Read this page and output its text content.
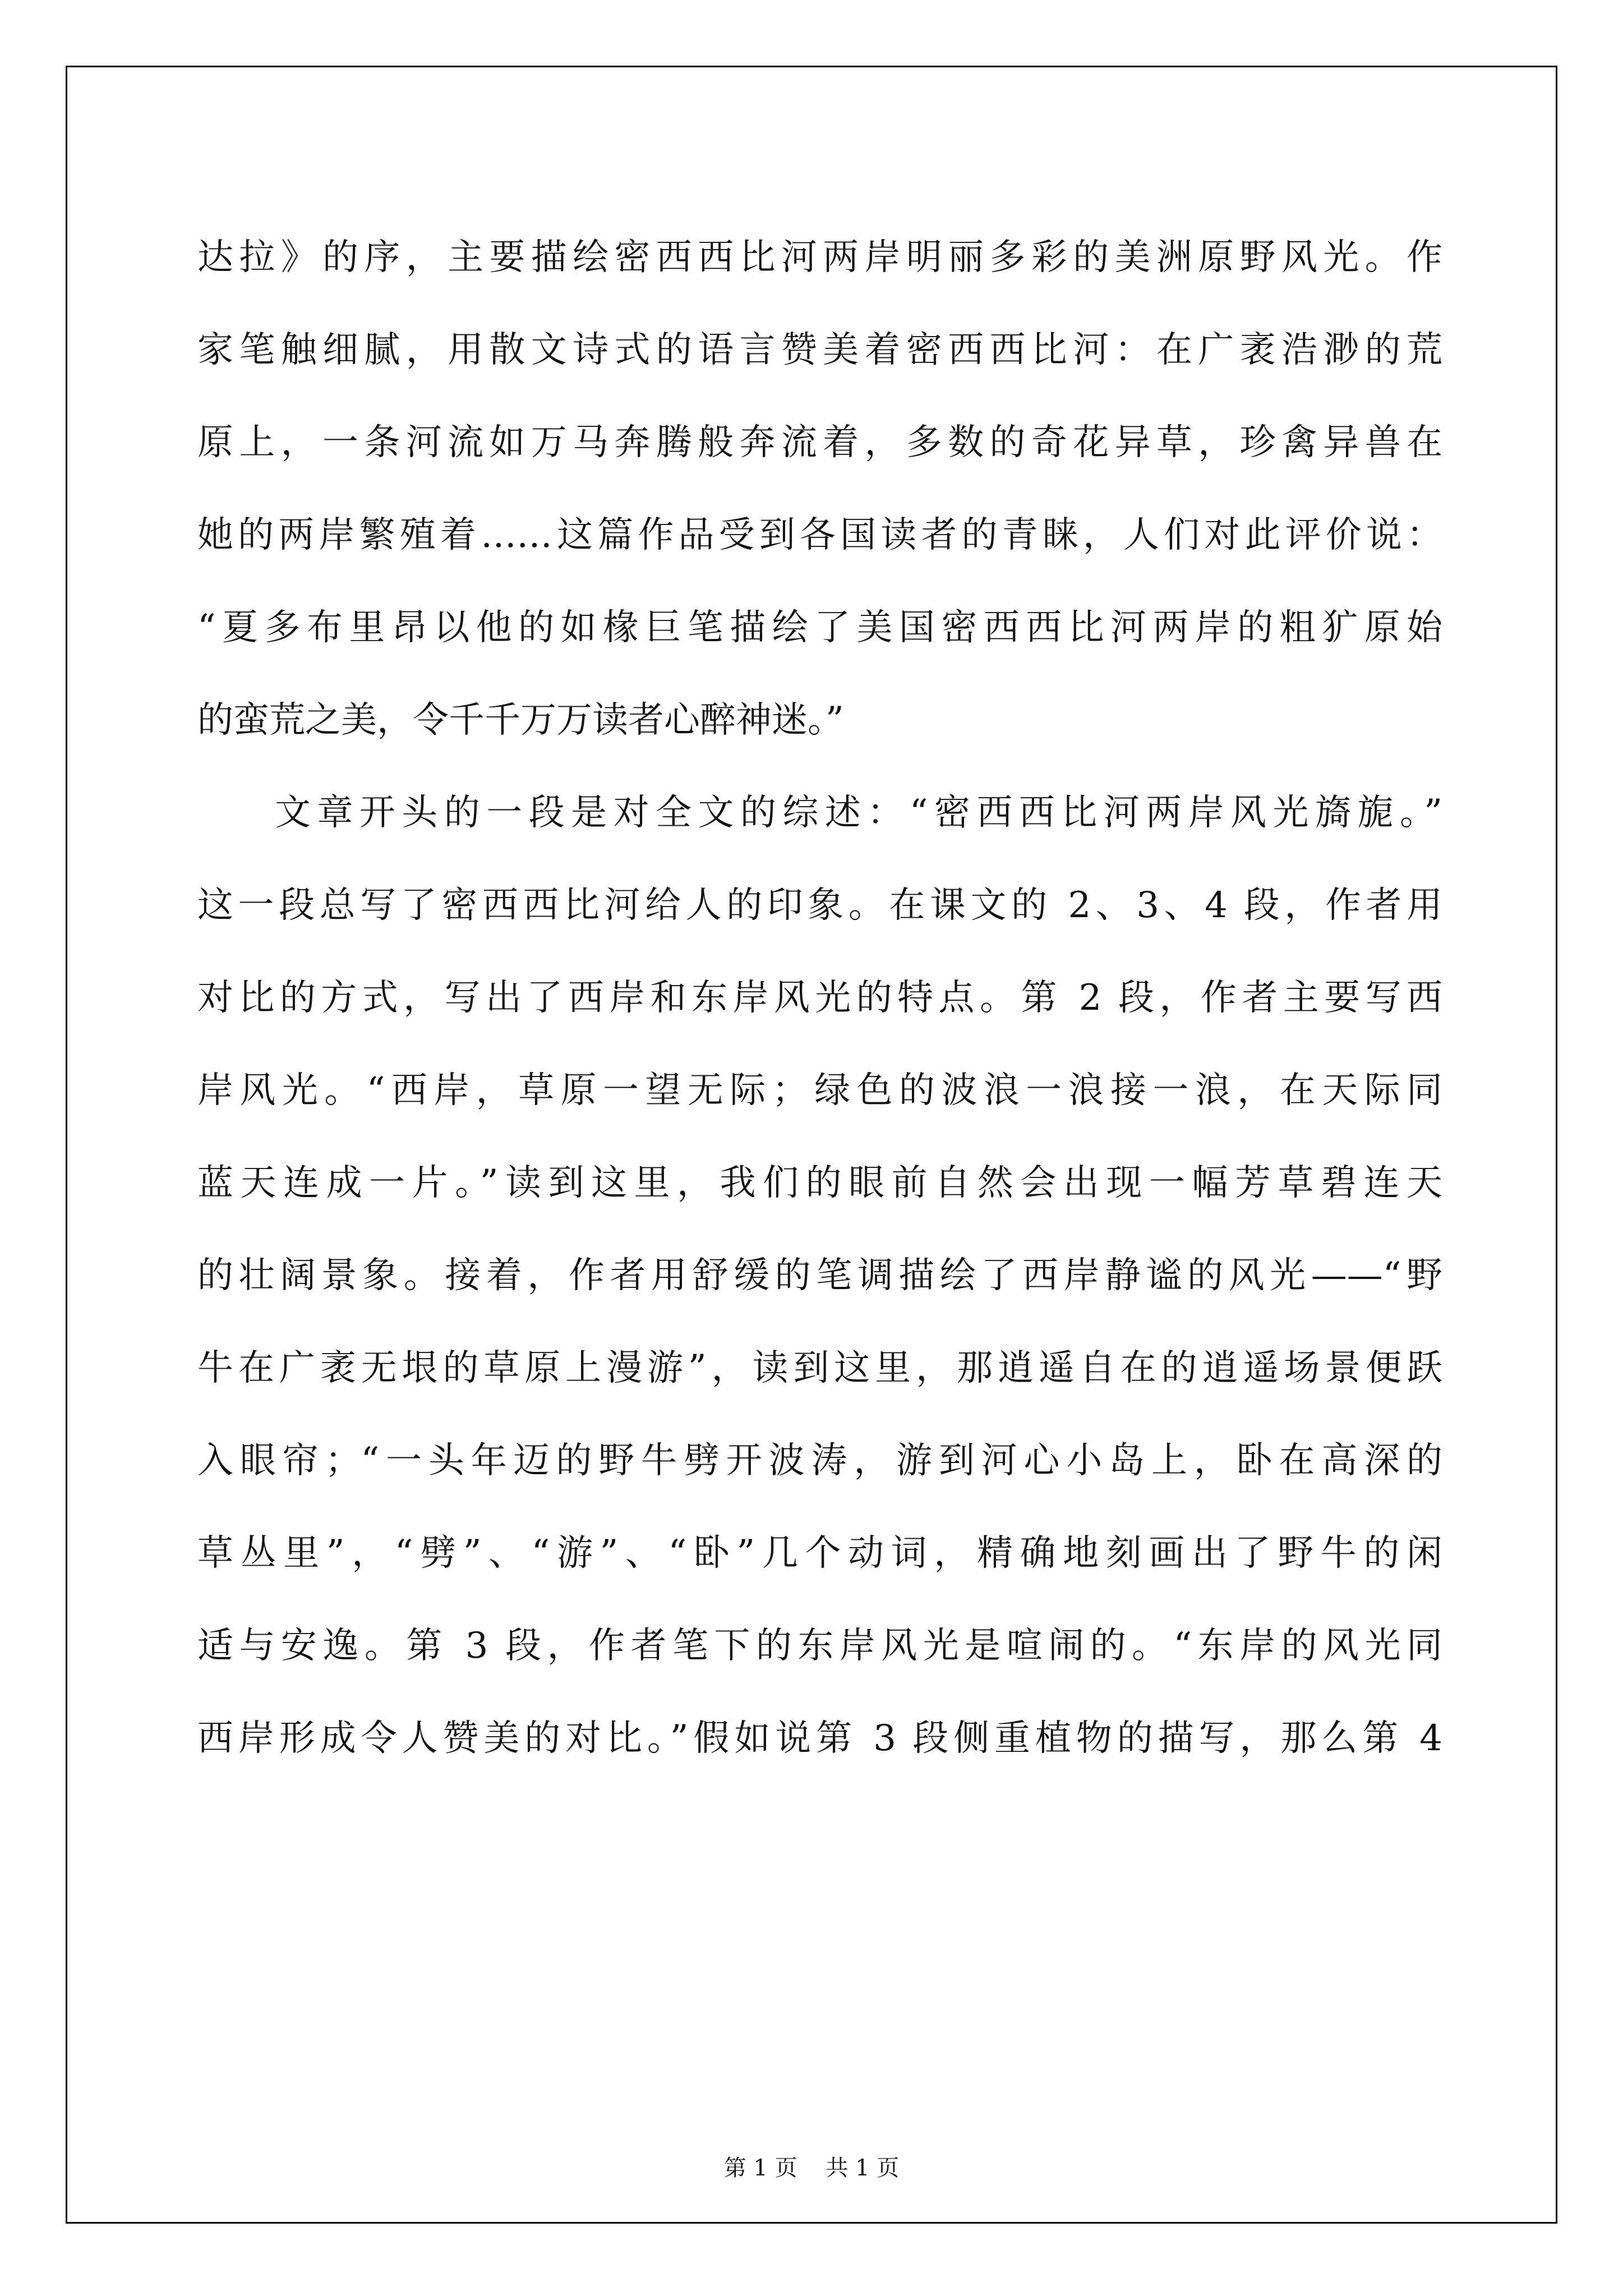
达拉》的序，主要描绘密西西比河两岸明丽多彩的美洲原野风光。作
家笔触细腻，用散文诗式的语言赞美着密西西比河：在广袤浩渺的荒
原上，一条河流如万马奔腾般奔流着，多数的奇花异草，珍禽异兽在
她的两岸繁殖着……这篇作品受到各国读者的青睐，人们对此评价说：
“夏多布里昂以他的如椽巨笔描绘了美国密西西比河两岸的粗犷原始
的蛮荒之美，令千千万万读者心醉神迷。”
文章开头的一段是对全文的综述：“密西西比河两岸风光旖旎。”
这一段总写了密西西比河给人的印象。在课文的 2、3、4 段，作者用
对比的方式，写出了西岸和东岸风光的特点。第 2 段，作者主要写西
岸风光。“西岸，草原一望无际；绿色的波浪一浪接一浪，在天际同
蓝天连成一片。”读到这里，我们的眼前自然会出现一幅芳草碧连天
的壮阔景象。接着，作者用舒缓的笔调描绘了西岸静谧的风光——“野
牛在广袤无垠的草原上漫游”，读到这里，那逍遥自在的逍遥场景便跃
入眼帘；“一头年迈的野牛劈开波涛，游到河心小岛上，卧在高深的
草丛里”，“劈”、“游”、“卧”几个动词，精确地刻画出了野牛的闲
适与安逸。第 3 段，作者笔下的东岸风光是喧闹的。“东岸的风光同
西岸形成令人赞美的对比。”假如说第 3 段侧重植物的描写，那么第 4
第 1 页    共 1 页
